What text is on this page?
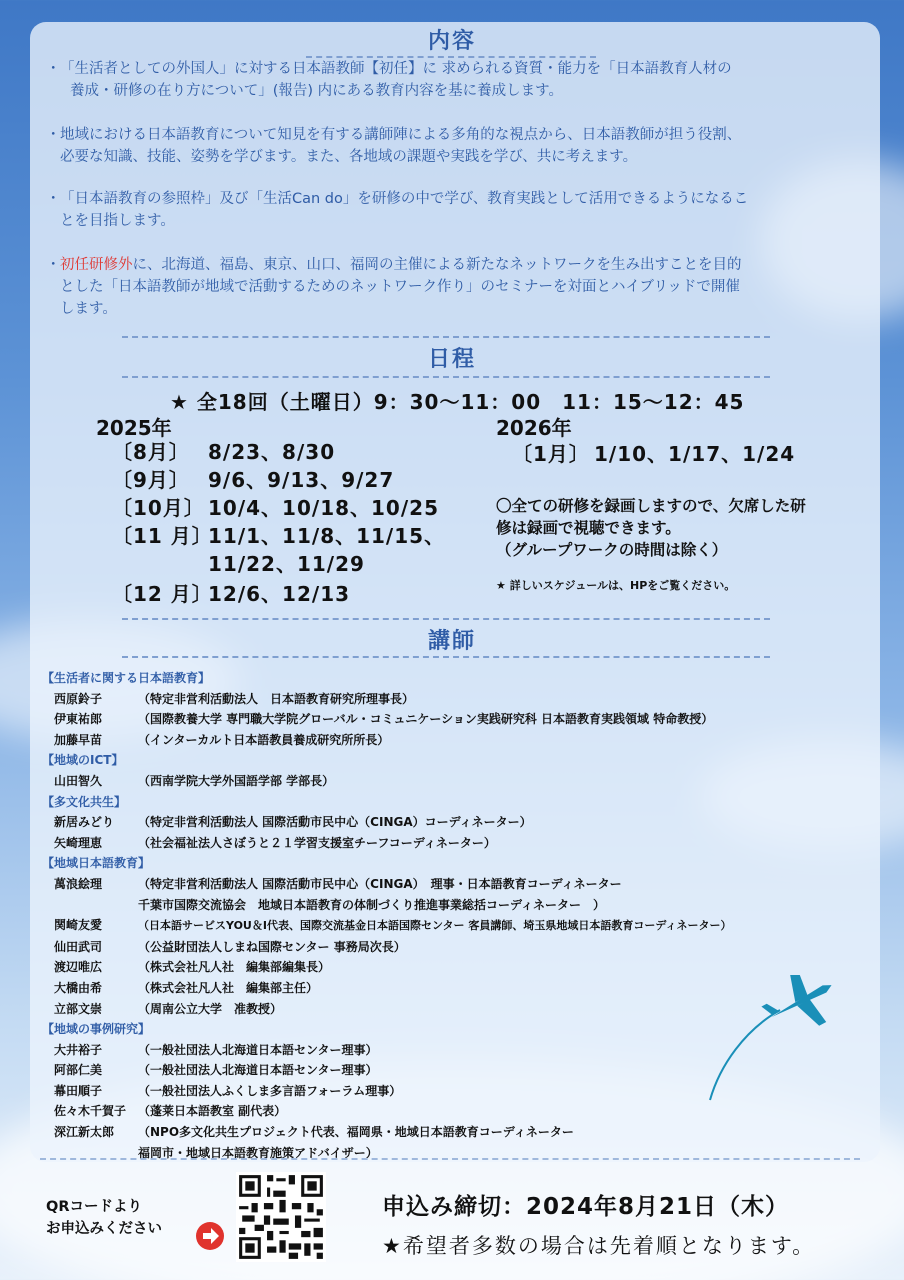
内容
・ 「生活者としての外国人」に対する日本語教師【初任】に 求められる資質・能力を「日本語教育人材の
養成・研修の在り方について」(報告) 内にある教育内容を基に養成します。
・ 地域における日本語教育について知見を有する講師陣による多角的な視点から、日本語教師が担う役割、
必要な知識、技能、姿勢を学びます。また、各地域の課題や実践を学び、共に考えます。
・ 「日本語教育の参照枠」及び「生活Can do」を研修の中で学び、教育実践として活用できるようになるこ
とを目指します。
・ 初任研修外に、北海道、福島、東京、山口、福岡の主催による新たなネットワークを生み出すことを目的
とした「日本語教師が地域で活動するためのネットワーク作り」のセミナーを対面とハイブリッドで開催
します。
日程
★ 全18回（土曜日）9：30～11：00　11：15～12：45
2025年
〔8月〕 8/23、8/30
〔9月〕 9/6、9/13、9/27
〔10月〕 10/4、10/18、10/25
〔11 月〕11/1、11/8、11/15、
11/22、11/29
〔12 月〕12/6、12/13
2026年
〔1月〕 1/10、1/17、1/24
〇全ての研修を録画しますので、欠席した研
修は録画で視聴できます。
（グループワークの時間は除く）
★ 詳しいスケジュールは、HPをご覧ください。
講師
【生活者に関する日本語教育】
西原鈴子	（特定非営利活動法人　日本語教育研究所理事長）
伊東祐郎	（国際教養大学 専門職大学院グローバル・コミュニケーション実践研究科 日本語教育実践領域 特命教授）
加藤早苗	（インターカルト日本語教員養成研究所所長）
【地域のICT】
山田智久	（西南学院大学外国語学部 学部長）
【多文化共生】
新居みどり （特定非営利活動法人 国際活動市民中心（CINGA）コーディネーター）
矢崎理恵	（社会福祉法人さぼうと２１学習支援室チーフコーディネーター）
【地域日本語教育】
萬浪絵理	（特定非営利活動法人 国際活動市民中心（CINGA）　理事・日本語教育コーディネーター
千葉市国際交流協会　地域日本語教育の体制づくり推進事業総括コーディネーター　）
関崎友愛	（日本語サービスYOU＆I代表、国際交流基金日本語国際センター 客員講師、埼玉県地域日本語教育コーディネーター）
仙田武司	（公益財団法人しまね国際センター 事務局次長）
渡辺唯広	（株式会社凡人社　編集部編集長）
大橋由希	（株式会社凡人社　編集部主任）
立部文崇	（周南公立大学　准教授）
【地域の事例研究】
大井裕子	（一般社団法人北海道日本語センター理事）
阿部仁美	（一般社団法人北海道日本語センター理事）
幕田順子	（一般社団法人ふくしま多言語フォーラム理事）
佐々木千賀子 （蓬莱日本語教室 副代表）
深江新太郎 （NPO多文化共生プロジェクト代表、福岡県・地域日本語教育コーディネーター
福岡市・地域日本語教育施策アドバイザー）
QRコードより
お申込みください
申込み締切：2024年8月21日（木）
★希望者多数の場合は先着順となります。
